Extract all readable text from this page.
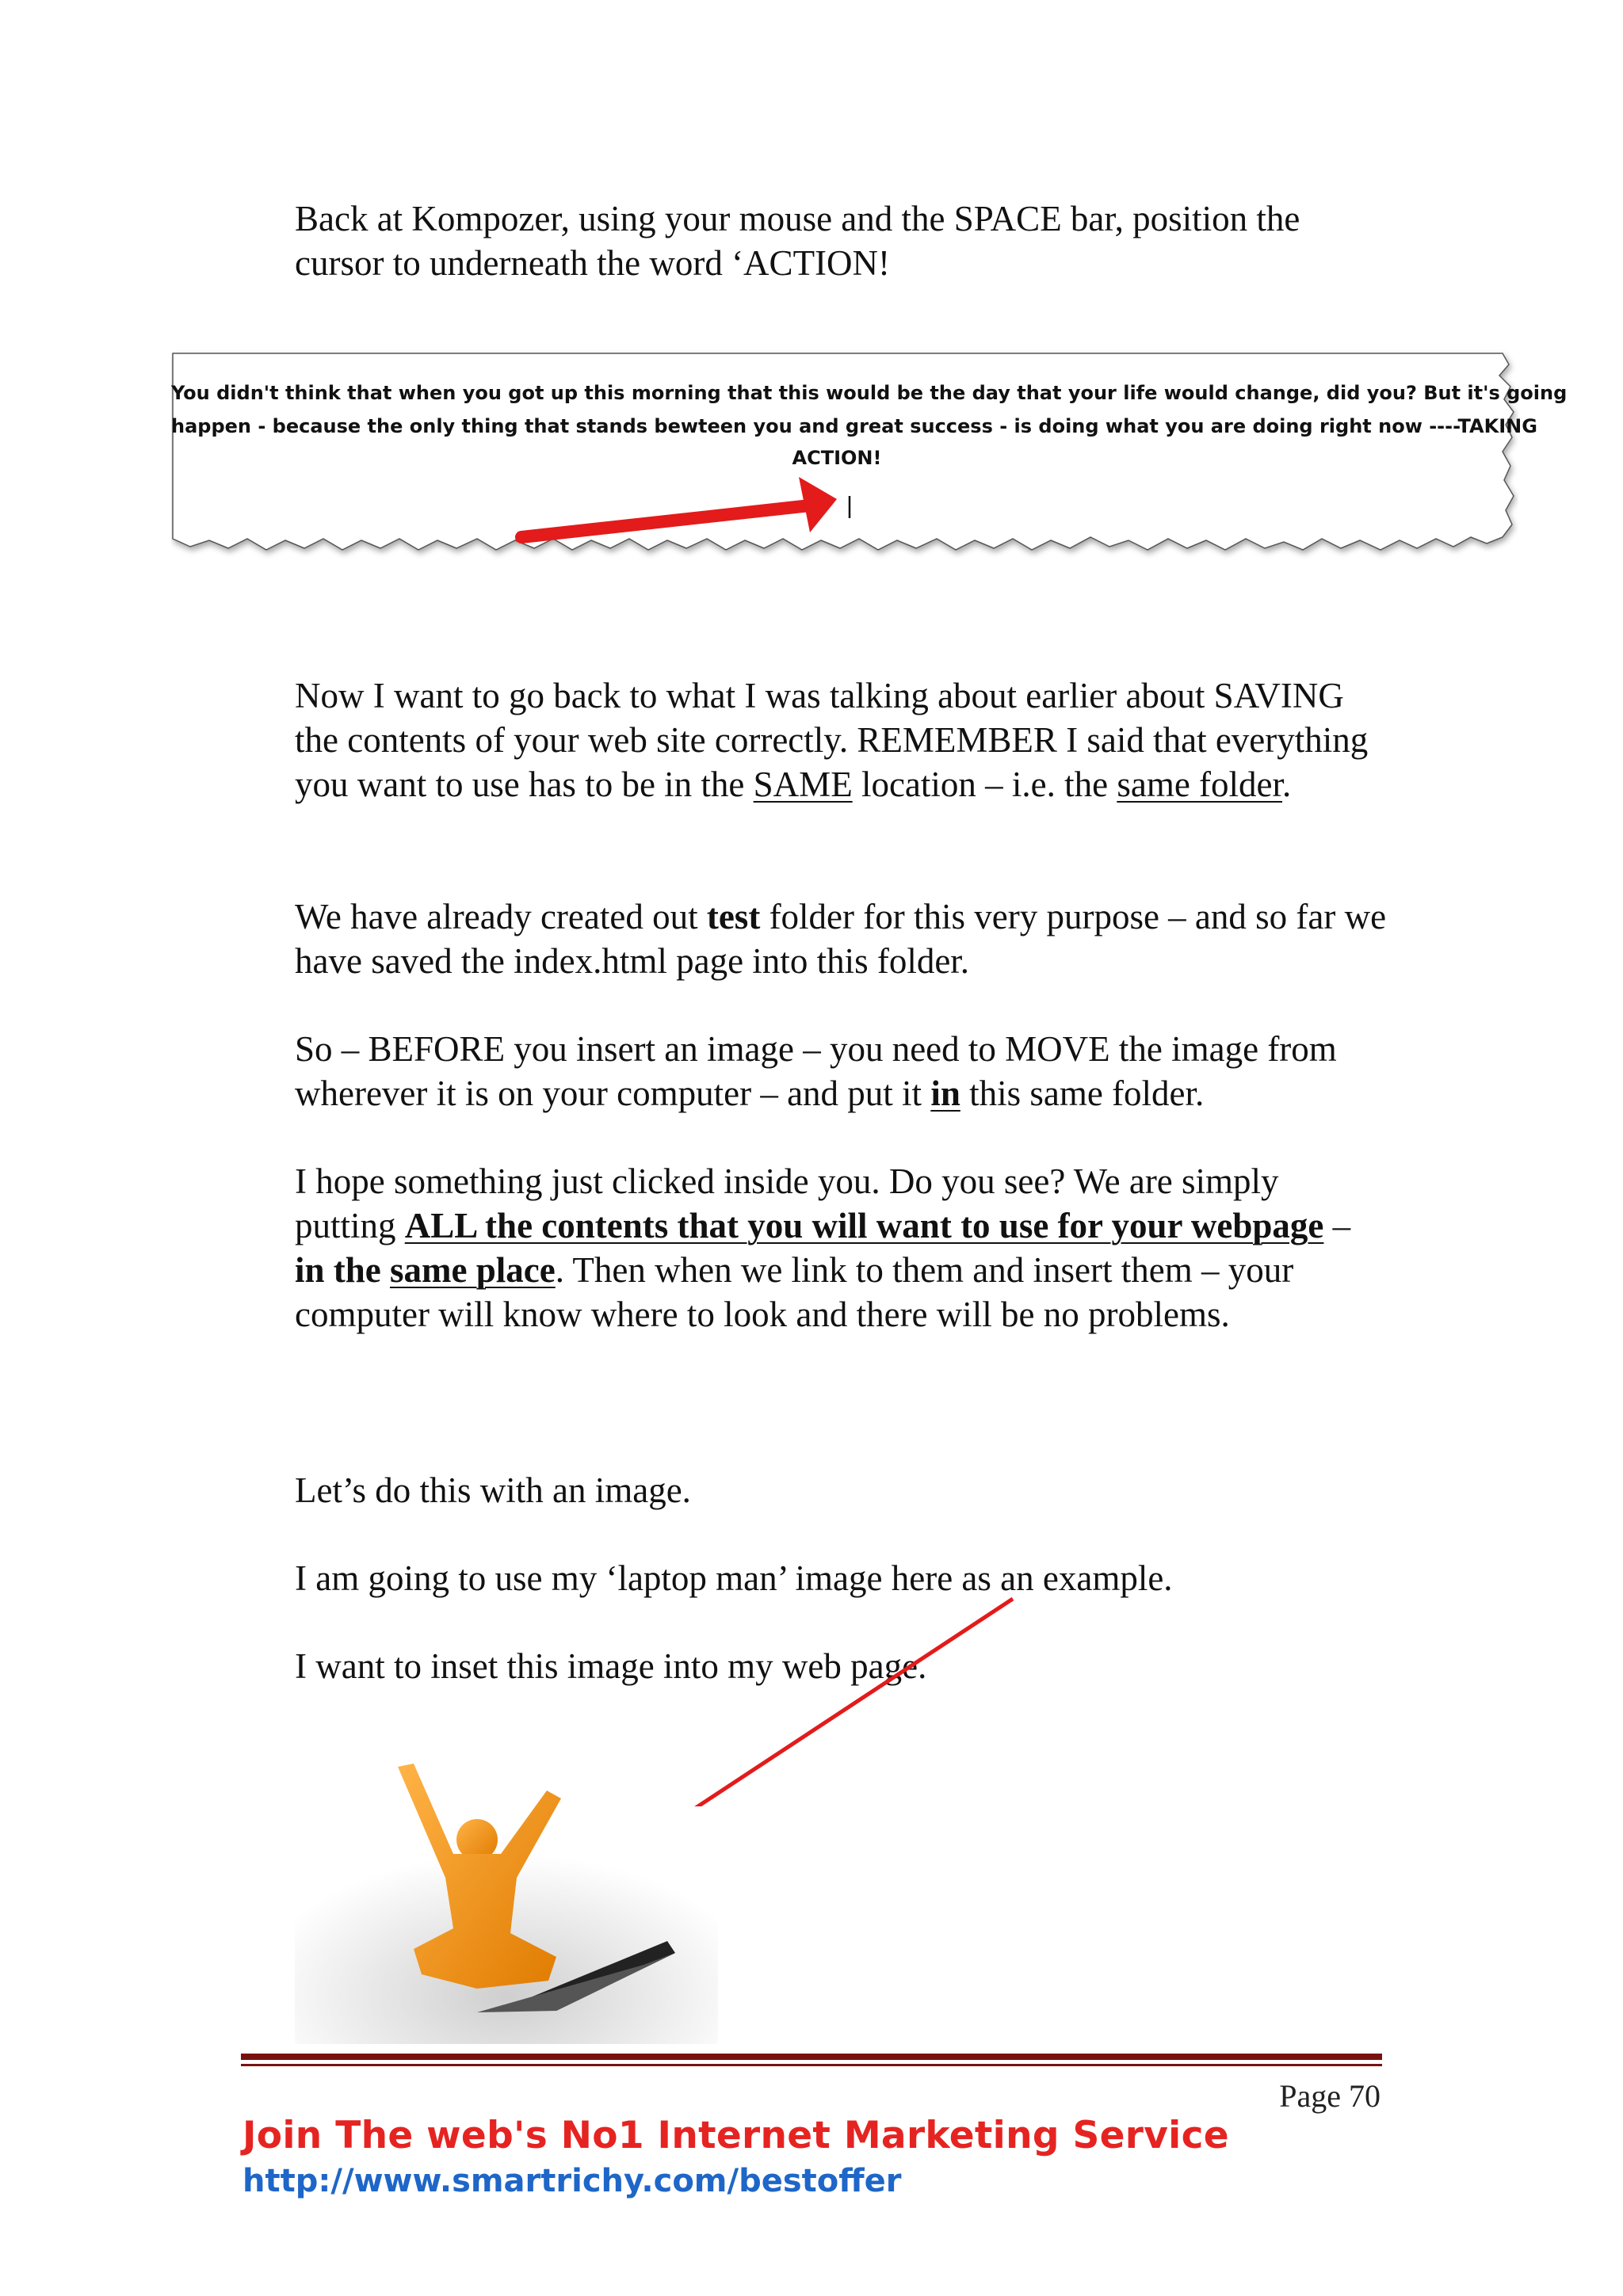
Back at Kompozer, using your mouse and the SPACE bar, position the
cursor to underneath the word ‘ACTION!

You didn't think that when you got up this morning that this would be the day that your life would change, did you? But it's going
happen - because the only thing that stands bewteen you and great success - is doing what you are doing right now ----TAKING
ACTION!

Now I want to go back to what I was talking about earlier about SAVING the contents of your web site correctly. REMEMBER I said that everything you want to use has to be in the SAME location – i.e. the same folder.

We have already created out test folder for this very purpose – and so far we have saved the index.html page into this folder.

So – BEFORE you insert an image – you need to MOVE the image from wherever it is on your computer – and put it in this same folder.

I hope something just clicked inside you. Do you see? We are simply putting ALL the contents that you will want to use for your webpage – in the same place. Then when we link to them and insert them – your computer will know where to look and there will be no problems.

Let’s do this with an image.

I am going to use my ‘laptop man’ image here as an example.

I want to inset this image into my web page.

Page 70
Join The web's No1 Internet Marketing Service
http://www.smartrichy.com/bestoffer
